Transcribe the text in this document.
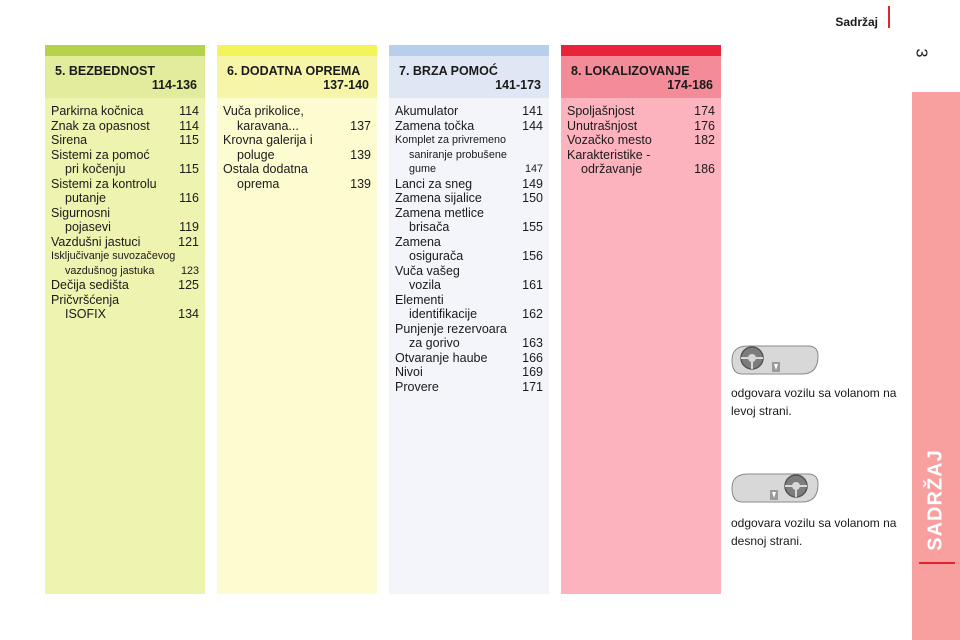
Sadržaj
3
SADRŽAJ
5. BEZBEDNOST
114-136
Parkirna kočnica	114
Znak za opasnost 114
Sirena	115
Sistemi za pomoć
pri kočenju	115
Sistemi za kontrolu
putanje	116
Sigurnosni
pojasevi	119
Vazdušni jastuci	121
Isključivanje suvozačevog
vazdušnog jastuka 123
Dečija sedišta	125
Pričvršćenja
ISOFIX	134
6. DODATNA OPREMA
137-140
Vuča prikolice,
karavana...	137
Krovna galerija i
poluge	139
Ostala dodatna
oprema	139
7. BRZA POMOĆ
141-173
Akumulator	141
Zamena točka	144
Komplet za privremeno
saniranje probušene
gume	147
Lanci za sneg	149
Zamena sijalice	150
Zamena metlice
brisača	155
Zamena
osigurača	156
Vuča vašeg
vozila	161
Elementi
identifikacije	162
Punjenje rezervoara
za gorivo	163
Otvaranje haube	166
Nivoi	169
Provere	171
8. LOKALIZOVANJE
174-186
Spoljašnjost	174
Unutrašnjost	176
Vozačko mesto	182
Karakteristike -
održavanje	186
odgovara vozilu sa volanom na levoj strani.
odgovara vozilu sa volanom na desnoj strani.
